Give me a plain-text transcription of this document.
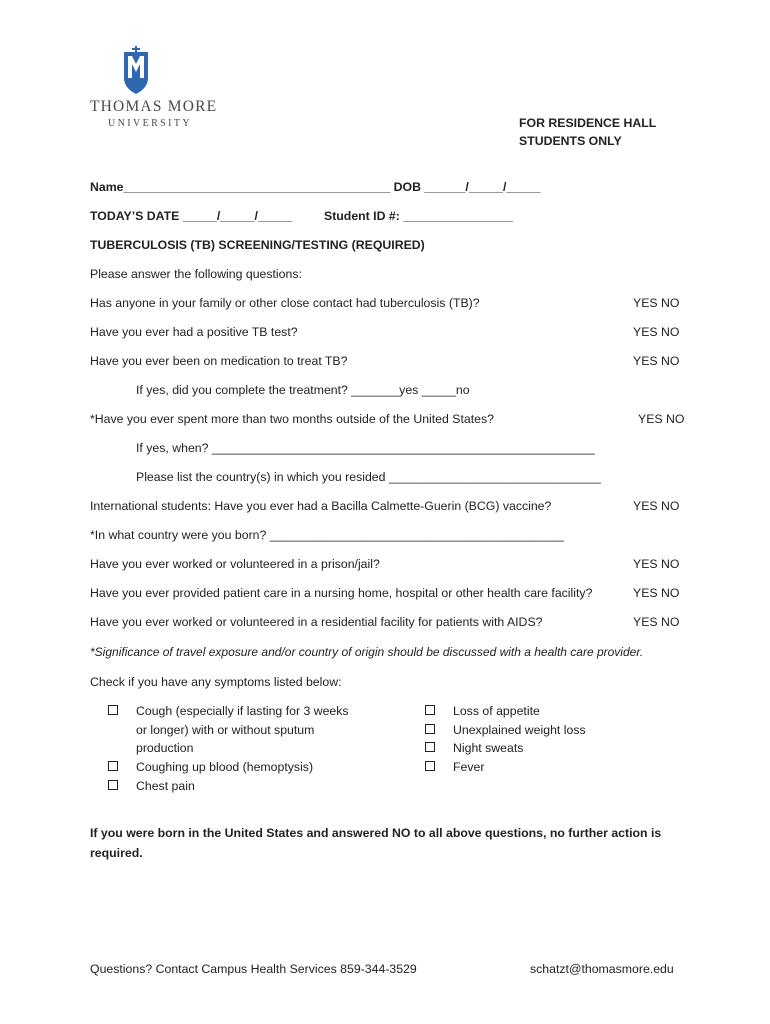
THOMAS MORE
UNIVERSITY	FOR RESIDENCE HALL
STUDENTS ONLY
Name_______________________________________ DOB ______/_____/_____
TODAY’S DATE _____/_____/_____	Student ID #: ________________
TUBERCULOSIS (TB) SCREENING/TESTING (REQUIRED)
Please answer the following questions:
Has anyone in your family or other close contact had tuberculosis (TB)?	YES NO
Have you ever had a positive TB test?	YES NO
Have you ever been on medication to treat TB?	YES NO
If yes, did you complete the treatment? _______yes _____no
*Have you ever spent more than two months outside of the United States?	YES NO
If yes, when? ________________________________________________________
Please list the country(s) in which you resided _______________________________
International students: Have you ever had a Bacilla Calmette-Guerin (BCG) vaccine?	YES NO
*In what country were you born? ___________________________________________
Have you ever worked or volunteered in a prison/jail?	YES NO
Have you ever provided patient care in a nursing home, hospital or other health care facility?	YES NO
Have you ever worked or volunteered in a residential facility for patients with AIDS?	YES NO
*Significance of travel exposure and/or country of origin should be discussed with a health care provider.
Check if you have any symptoms listed below:
Cough (especially if lasting for 3 weeks
or longer) with or without sputum
production
Coughing up blood (hemoptysis)
Chest pain
Loss of appetite
Unexplained weight loss
Night sweats
Fever
If you were born in the United States and answered NO to all above questions, no further action is
required.
Questions? Contact Campus Health Services 859-344-3529	schatzt@thomasmore.edu
